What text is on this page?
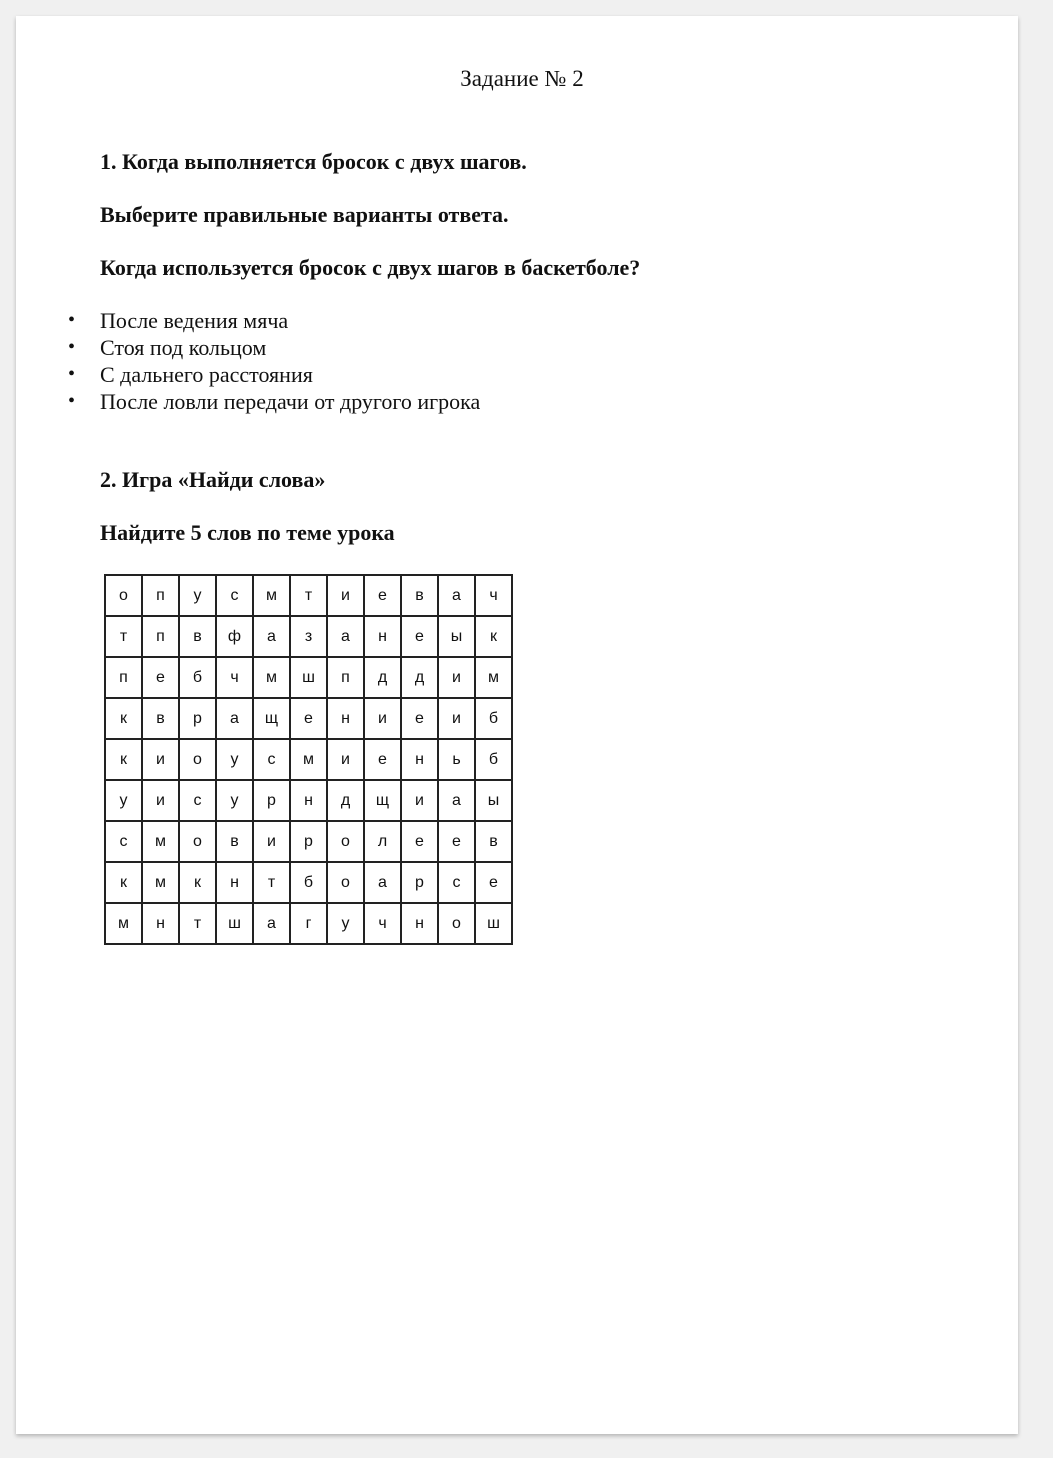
Задание № 2
1. Когда выполняется бросок с двух шагов.
Выберите правильные варианты ответа.
Когда используется бросок с двух шагов в баскетболе?
• После ведения мяча
• Стоя под кольцом
• С дальнего расстояния
• После ловли передачи от другого игрока
2. Игра «Найди слова»
Найдите 5 слов по теме урока
о	п	у	с	м	т	и	е	в	а	ч
т	п	в	ф	а	з	а	н	е	ы	к
п	е	б	ч	м	ш	п	д	д	и	м
к	в	р	а	щ	е	н	и	е	и	б
к	и	о	у	с	м	и	е	н	ь	б
у	и	с	у	р	н	д	щ	и	а	ы
с	м	о	в	и	р	о	л	е	е	в
к	м	к	н	т	б	о	а	р	с	е
м	н	т	ш	а	г	у	ч	н	о	ш
